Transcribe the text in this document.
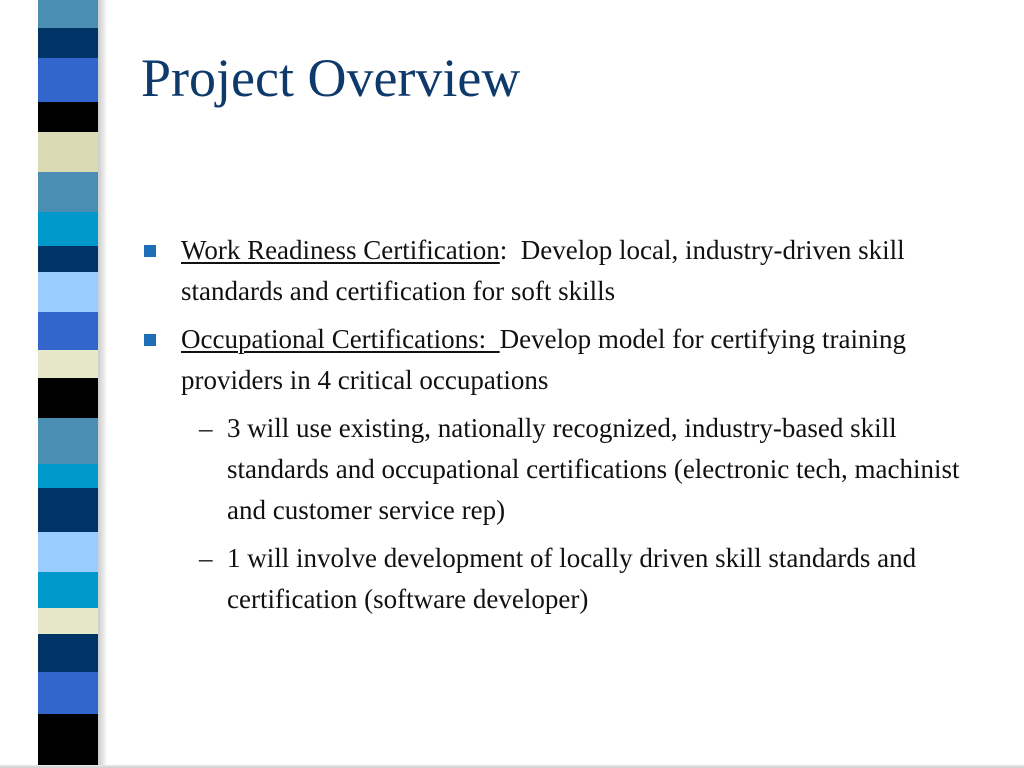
Project Overview
Work Readiness Certification:  Develop local, industry-driven skill standards and certification for soft skills
Occupational Certifications:  Develop model for certifying training providers in 4 critical occupations
– 3 will use existing, nationally recognized, industry-based skill standards and occupational certifications (electronic tech, machinist and customer service rep)
– 1 will involve development of locally driven skill standards and certification (software developer)
